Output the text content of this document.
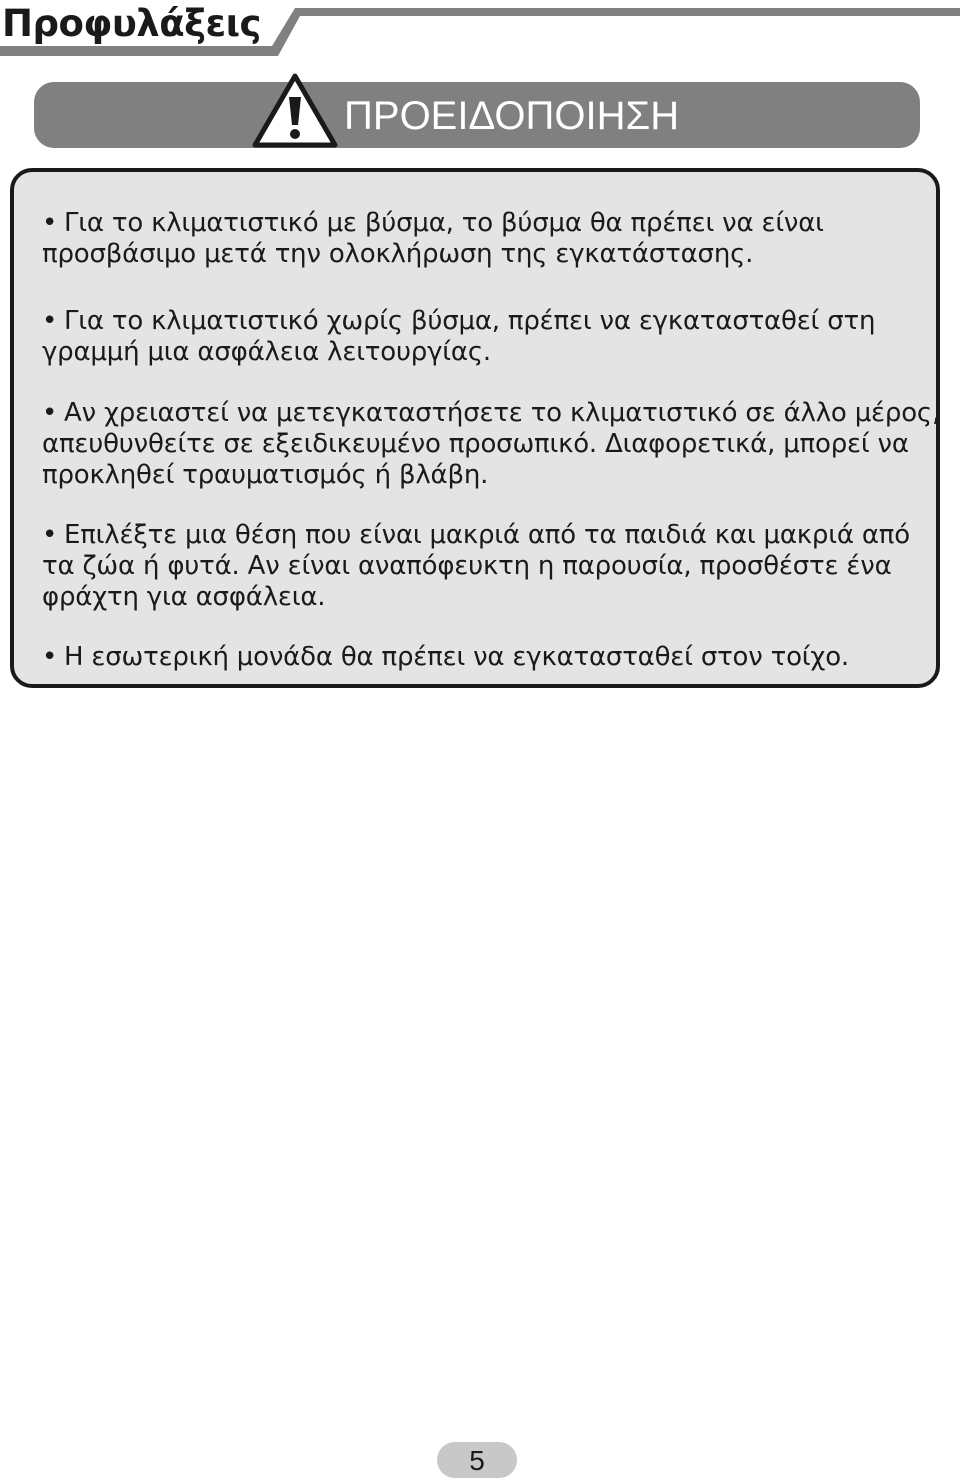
Προφυλάξεις
ΠΡΟΕΙΔΟΠΟΙΗΣΗ

• Για το κλιματιστικό με βύσμα, το βύσμα θα πρέπει να είναι προσβάσιμο μετά την ολοκλήρωση της εγκατάστασης.

• Για το κλιματιστικό χωρίς βύσμα, πρέπει να εγκατασταθεί στη γραμμή μια ασφάλεια λειτουργίας.

• Αν χρειαστεί να μετεγκαταστήσετε το κλιματιστικό σε άλλο μέρος, απευθυνθείτε σε εξειδικευμένο προσωπικό. Διαφορετικά, μπορεί να προκληθεί τραυματισμός ή βλάβη.

• Επιλέξτε μια θέση που είναι μακριά από τα παιδιά και μακριά από τα ζώα ή φυτά. Αν είναι αναπόφευκτη η παρουσία, προσθέστε ένα φράχτη για ασφάλεια.

• Η εσωτερική μονάδα θα πρέπει να εγκατασταθεί στον τοίχο.

5
